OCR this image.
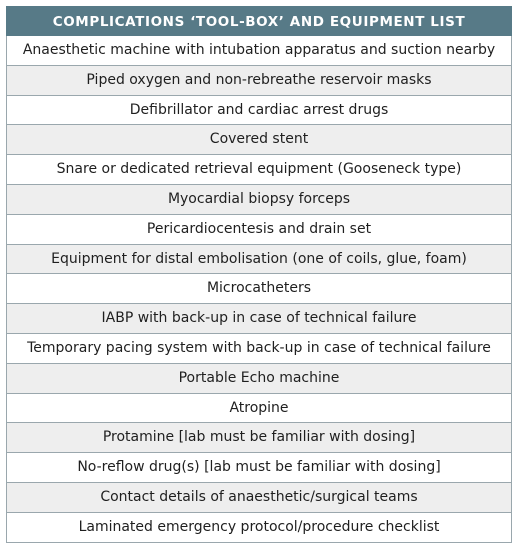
COMPLICATIONS ‘TOOL-BOX’ AND EQUIPMENT LIST
Anaesthetic machine with intubation apparatus and suction nearby
Piped oxygen and non-rebreathe reservoir masks
Defibrillator and cardiac arrest drugs
Covered stent
Snare or dedicated retrieval equipment (Gooseneck type)
Myocardial biopsy forceps
Pericardiocentesis and drain set
Equipment for distal embolisation (one of coils, glue, foam)
Microcatheters
IABP with back-up in case of technical failure
Temporary pacing system with back-up in case of technical failure
Portable Echo machine
Atropine
Protamine [lab must be familiar with dosing]
No-reflow drug(s) [lab must be familiar with dosing]
Contact details of anaesthetic/surgical teams
Laminated emergency protocol/procedure checklist
